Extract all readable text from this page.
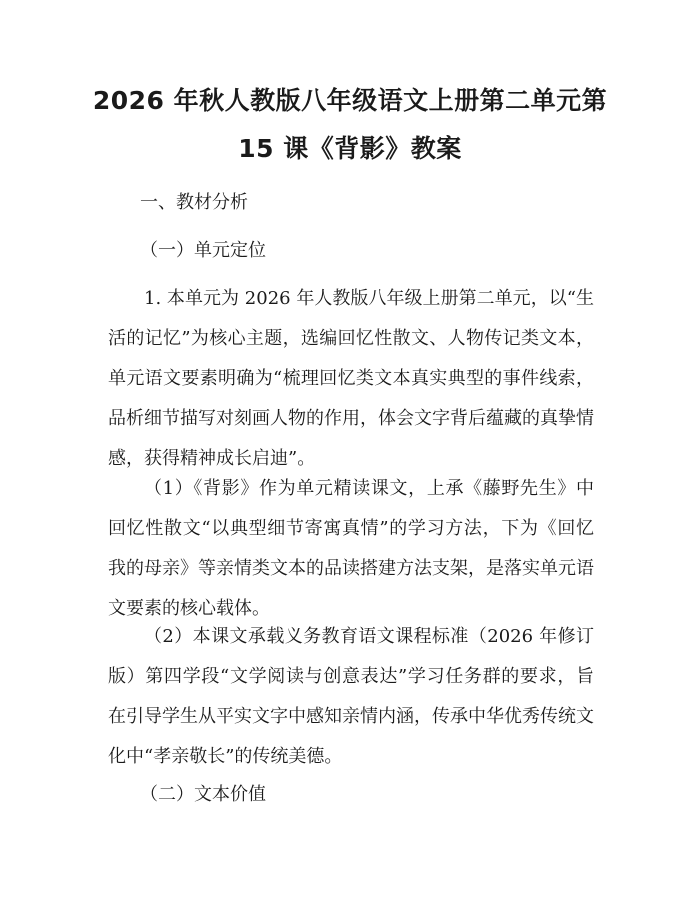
2026 年秋人教版八年级语文上册第二单元第
15 课《背影》教案
一、教材分析
（一）单元定位
1. 本单元为 2026 年人教版八年级上册第二单元，以“生活的记忆”为核心主题，选编回忆性散文、人物传记类文本，单元语文要素明确为“梳理回忆类文本真实典型的事件线索，品析细节描写对刻画人物的作用，体会文字背后蕴藏的真挚情感，获得精神成长启迪”。
（1）《背影》作为单元精读课文，上承《藤野先生》中回忆性散文“以典型细节寄寓真情”的学习方法，下为《回忆我的母亲》等亲情类文本的品读搭建方法支架，是落实单元语文要素的核心载体。
（2）本课文承载义务教育语文课程标准（2026 年修订版）第四学段“文学阅读与创意表达”学习任务群的要求，旨在引导学生从平实文字中感知亲情内涵，传承中华优秀传统文化中“孝亲敬长”的传统美德。
（二）文本价值
